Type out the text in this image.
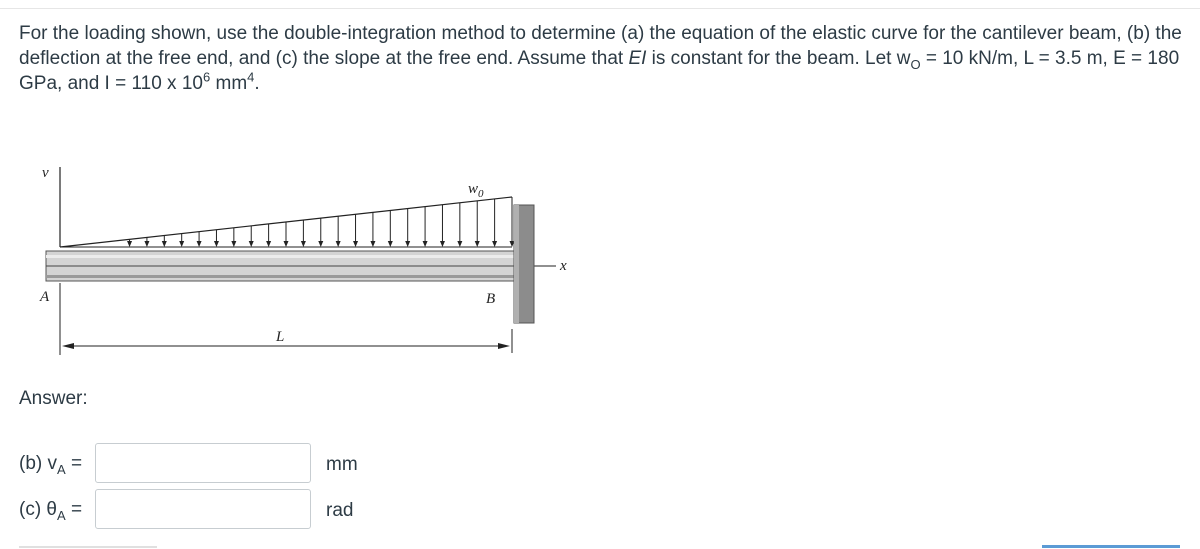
For the loading shown, use the double-integration method to determine (a) the equation of the elastic curve for the cantilever beam, (b) the deflection at the free end, and (c) the slope at the free end. Assume that EI is constant for the beam. Let $w_O = 10$ kN/m, L = 3.5 m, E = 180 GPa, and I = 110 x $10^6$ $mm^4$.
v
$w_0$
x
A	B
L
Answer:
(b) $v_A$ =	mm
(c) $\theta_A$ =	rad
